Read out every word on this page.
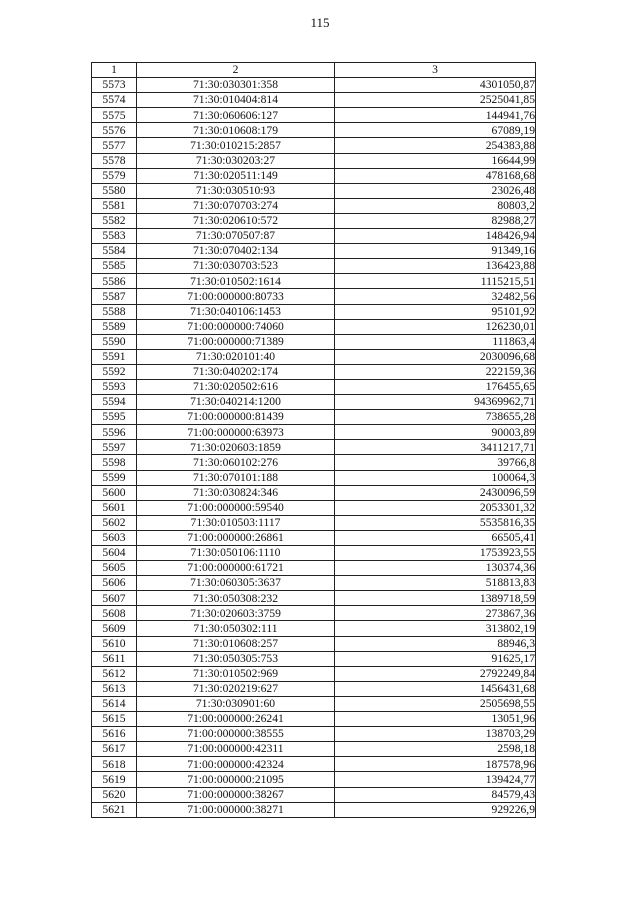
115
1	2	3
5573	71:30:030301:358	4301050,87
5574	71:30:010404:814	2525041,85
5575	71:30:060606:127	144941,76
5576	71:30:010608:179	67089,19
5577	71:30:010215:2857	254383,88
5578	71:30:030203:27	16644,99
5579	71:30:020511:149	478168,68
5580	71:30:030510:93	23026,48
5581	71:30:070703:274	80803,2
5582	71:30:020610:572	82988,27
5583	71:30:070507:87	148426,94
5584	71:30:070402:134	91349,16
5585	71:30:030703:523	136423,88
5586	71:30:010502:1614	1115215,51
5587	71:00:000000:80733	32482,56
5588	71:30:040106:1453	95101,92
5589	71:00:000000:74060	126230,01
5590	71:00:000000:71389	111863,4
5591	71:30:020101:40	2030096,68
5592	71:30:040202:174	222159,36
5593	71:30:020502:616	176455,65
5594	71:30:040214:1200	94369962,71
5595	71:00:000000:81439	738655,28
5596	71:00:000000:63973	90003,89
5597	71:30:020603:1859	3411217,71
5598	71:30:060102:276	39766,8
5599	71:30:070101:188	100064,3
5600	71:30:030824:346	2430096,59
5601	71:00:000000:59540	2053301,32
5602	71:30:010503:1117	5535816,35
5603	71:00:000000:26861	66505,41
5604	71:30:050106:1110	1753923,55
5605	71:00:000000:61721	130374,36
5606	71:30:060305:3637	518813,83
5607	71:30:050308:232	1389718,59
5608	71:30:020603:3759	273867,36
5609	71:30:050302:111	313802,19
5610	71:30:010608:257	88946,3
5611	71:30:050305:753	91625,17
5612	71:30:010502:969	2792249,84
5613	71:30:020219:627	1456431,68
5614	71:30:030901:60	2505698,55
5615	71:00:000000:26241	13051,96
5616	71:00:000000:38555	138703,29
5617	71:00:000000:42311	2598,18
5618	71:00:000000:42324	187578,96
5619	71:00:000000:21095	139424,77
5620	71:00:000000:38267	84579,43
5621	71:00:000000:38271	929226,9
